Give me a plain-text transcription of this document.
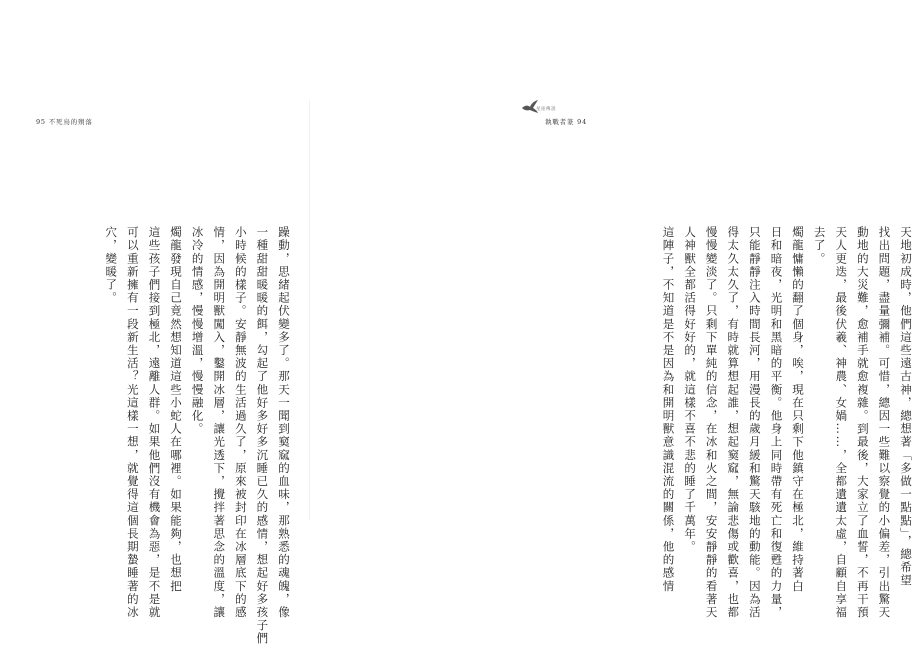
95 不死鳥的殞落
躁動，思緒起伏變多了。那天一聞到窫窳的血味，那熟悉的魂魄，像
一種甜甜暖暖的餌，勾起了他好多好多沉睡已久的感情，想起好多孩子們
小時候的樣子。安靜無波的生活過久了，原來被封印在冰層底下的感
情，因為開明獸闖入，鑿開冰層，讓光透下，攪拌著思念的溫度，讓
冰冷的情感，慢慢增溫，慢慢融化。
燭龍發現自己竟然想知道這些小蛇人在哪裡。如果能夠，也想把
這些孩子們接到極北，遠離人群。如果他們沒有機會為惡，是不是就
可以重新擁有一段新生活？光這樣一想，就覺得這個長期蟄睡著的冰
穴，變暖了。
星座傳說
執戰者篆 94
天地初成時，他們這些遠古神，總想著「多做一點點」，總希望
找出問題，盡量彌補。可惜，總因一些難以察覺的小偏差，引出驚天
動地的大災難，愈補手就愈複雜。到最後，大家立了血誓，不再干預
天人更迭，最後伏羲、神農、女媧……，全都遺遺太虛，自顧自享福
去了。
燭龍慵懶的翻了個身，唉，現在只剩下他鎮守在極北，維持著白
日和暗夜，光明和黑暗的平衡。他身上同時帶有死亡和復甦的力量，
只能靜靜注入時間長河，用漫長的歲月緩和驚天駭地的動能。因為活
得太久太久了，有時就算想起誰，想起窫窳，無論悲傷或歡喜，也都
慢慢變淡了。只剩下單純的信念，在冰和火之間，安安靜靜的看著天
人神獸全都活得好好的，就這樣不喜不悲的睡了千萬年。
這陣子，不知道是不是因為和開明獸意識混流的關係，他的感情
